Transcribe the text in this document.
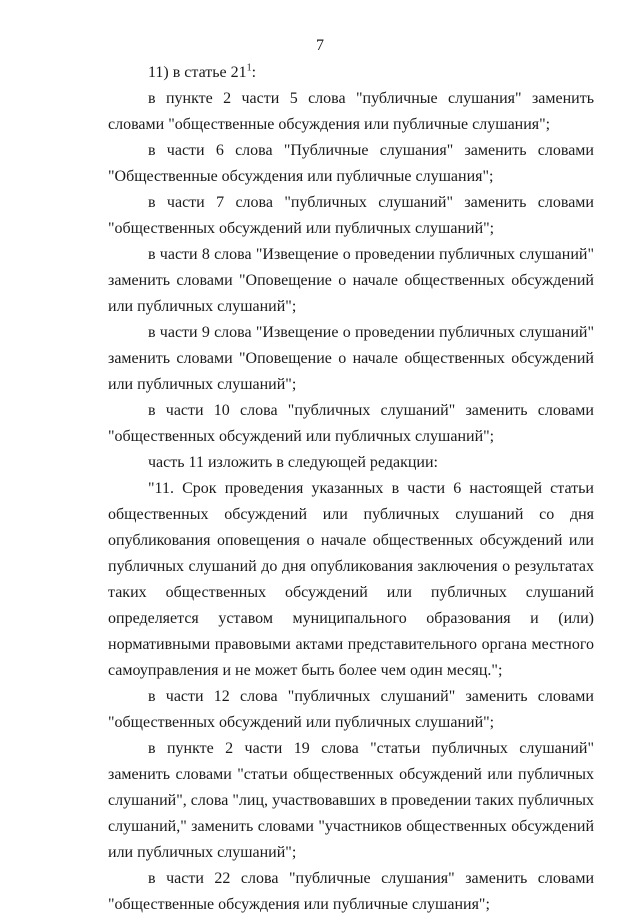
7

11) в статье $21^1$:

в пункте 2 части 5 слова "публичные слушания" заменить словами "общественные обсуждения или публичные слушания";

в части 6 слова "Публичные слушания" заменить словами "Общественные обсуждения или публичные слушания";

в части 7 слова "публичных слушаний" заменить словами "общественных обсуждений или публичных слушаний";

в части 8 слова "Извещение о проведении публичных слушаний" заменить словами "Оповещение о начале общественных обсуждений или публичных слушаний";

в части 9 слова "Извещение о проведении публичных слушаний" заменить словами "Оповещение о начале общественных обсуждений или публичных слушаний";

в части 10 слова "публичных слушаний" заменить словами "общественных обсуждений или публичных слушаний";

часть 11 изложить в следующей редакции:

"11. Срок проведения указанных в части 6 настоящей статьи общественных обсуждений или публичных слушаний со дня опубликования оповещения о начале общественных обсуждений или публичных слушаний до дня опубликования заключения о результатах таких общественных обсуждений или публичных слушаний определяется уставом муниципального образования и (или) нормативными правовыми актами представительного органа местного самоуправления и не может быть более чем один месяц.";

в части 12 слова "публичных слушаний" заменить словами "общественных обсуждений или публичных слушаний";

в пункте 2 части 19 слова "статьи публичных слушаний" заменить словами "статьи общественных обсуждений или публичных слушаний", слова "лиц, участвовавших в проведении таких публичных слушаний," заменить словами "участников общественных обсуждений или публичных слушаний";

в части 22 слова "публичные слушания" заменить словами "общественные обсуждения или публичные слушания";
